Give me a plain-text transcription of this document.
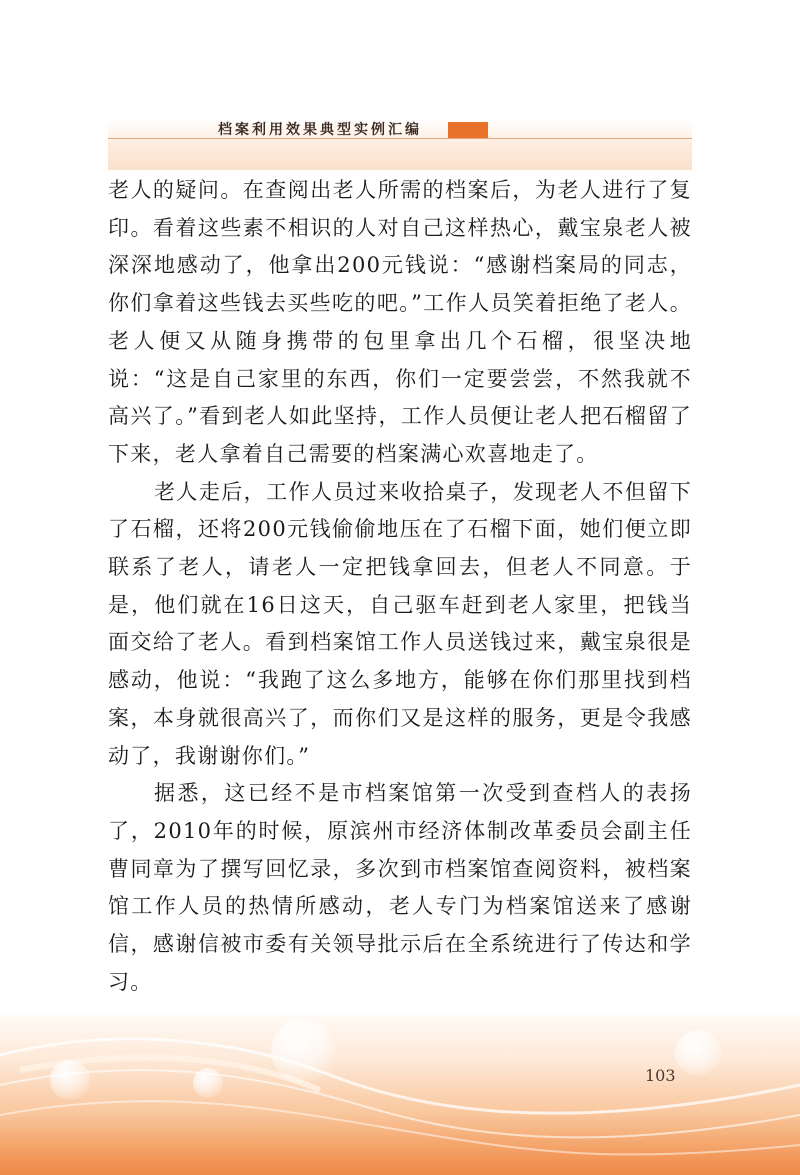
档案利用效果典型实例汇编

老人的疑问。在查阅出老人所需的档案后，为老人进行了复印。看着这些素不相识的人对自己这样热心，戴宝泉老人被深深地感动了，他拿出200元钱说：“感谢档案局的同志，你们拿着这些钱去买些吃的吧。”工作人员笑着拒绝了老人。老人便又从随身携带的包里拿出几个石榴，很坚决地说：“这是自己家里的东西，你们一定要尝尝，不然我就不高兴了。”看到老人如此坚持，工作人员便让老人把石榴留了下来，老人拿着自己需要的档案满心欢喜地走了。

老人走后，工作人员过来收拾桌子，发现老人不但留下了石榴，还将200元钱偷偷地压在了石榴下面，她们便立即联系了老人，请老人一定把钱拿回去，但老人不同意。于是，他们就在16日这天，自己驱车赶到老人家里，把钱当面交给了老人。看到档案馆工作人员送钱过来，戴宝泉很是感动，他说：“我跑了这么多地方，能够在你们那里找到档案，本身就很高兴了，而你们又是这样的服务，更是令我感动了，我谢谢你们。”

据悉，这已经不是市档案馆第一次受到查档人的表扬了，2010年的时候，原滨州市经济体制改革委员会副主任曹同章为了撰写回忆录，多次到市档案馆查阅资料，被档案馆工作人员的热情所感动，老人专门为档案馆送来了感谢信，感谢信被市委有关领导批示后在全系统进行了传达和学习。

103
